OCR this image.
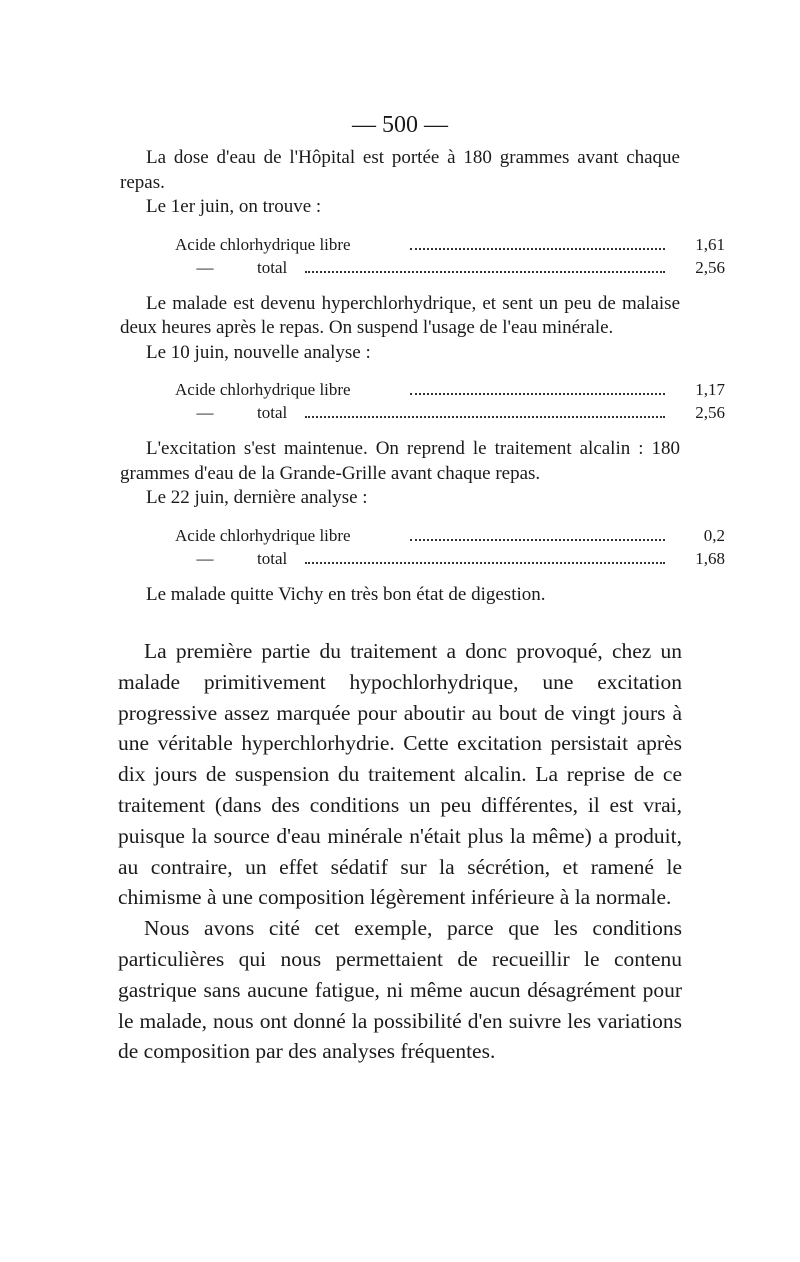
— 500 —

La dose d'eau de l'Hôpital est portée à 180 grammes avant chaque repas.

Le 1er juin, on trouve :

Acide chlorhydrique libre	1,61
—	total	2,56

Le malade est devenu hyperchlorhydrique, et sent un peu de malaise deux heures après le repas. On suspend l'usage de l'eau minérale.

Le 10 juin, nouvelle analyse :

Acide chlorhydrique libre	1,17
—	total	2,56

L'excitation s'est maintenue. On reprend le traitement alcalin : 180 grammes d'eau de la Grande-Grille avant chaque repas.

Le 22 juin, dernière analyse :

Acide chlorhydrique libre	0,2
—	total	1,68

Le malade quitte Vichy en très bon état de digestion.

La première partie du traitement a donc provoqué, chez un malade primitivement hypochlorhydrique, une excitation progressive assez marquée pour aboutir au bout de vingt jours à une véritable hyperchlorhydrie. Cette excitation persistait après dix jours de suspension du traitement alcalin. La reprise de ce traitement (dans des conditions un peu différentes, il est vrai, puisque la source d'eau minérale n'était plus la même) a produit, au contraire, un effet sédatif sur la sécrétion, et ramené le chimisme à une composition légèrement inférieure à la normale.

Nous avons cité cet exemple, parce que les conditions particulières qui nous permettaient de recueillir le contenu gastrique sans aucune fatigue, ni même aucun désagrément pour le malade, nous ont donné la possibilité d'en suivre les variations de composition par des analyses fréquentes.
